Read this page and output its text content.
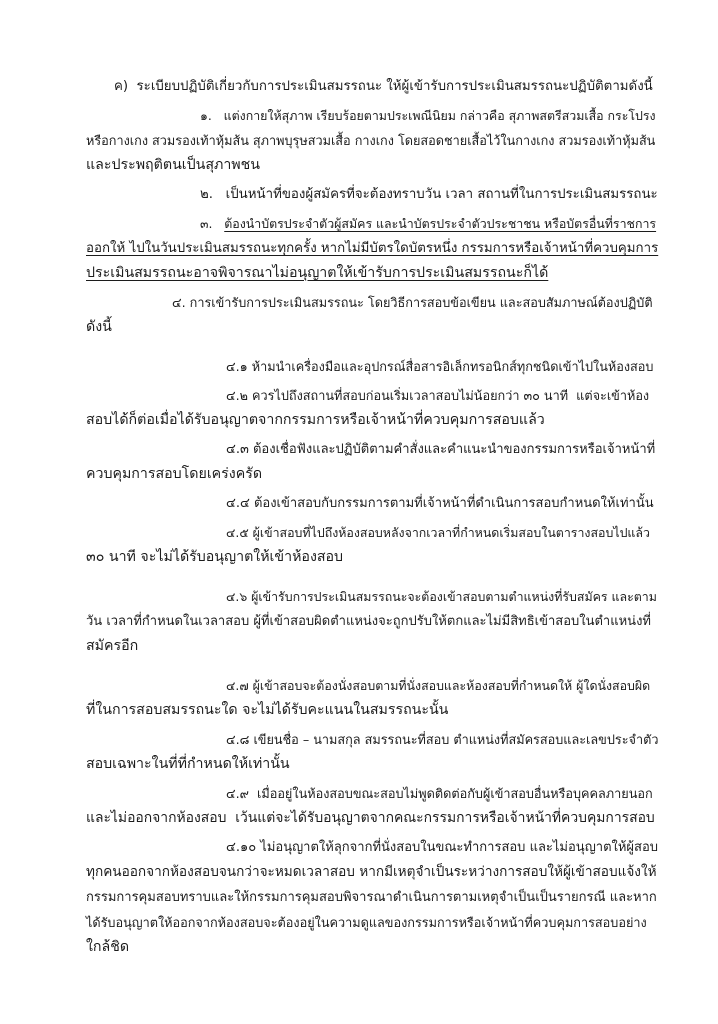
ค)  ระเบียบปฏิบัติเกี่ยวกับการประเมินสมรรถนะ ให้ผู้เข้ารับการประเมินสมรรถนะปฏิบัติตามดังนี้
๑.   แต่งกายให้สุภาพ เรียบร้อยตามประเพณีนิยม กล่าวคือ สุภาพสตรีสวมเสื้อ กระโปรง
หรือกางเกง สวมรองเท้าหุ้มส้น สุภาพบุรุษสวมเสื้อ กางเกง โดยสอดชายเสื้อไว้ในกางเกง สวมรองเท้าหุ้มส้น
และประพฤติตนเป็นสุภาพชน
๒.   เป็นหน้าที่ของผู้สมัครที่จะต้องทราบวัน เวลา สถานที่ในการประเมินสมรรถนะ
๓.   ต้องนำบัตรประจำตัวผู้สมัคร และนำบัตรประจำตัวประชาชน หรือบัตรอื่นที่ราชการ
ออกให้ ไปในวันประเมินสมรรถนะทุกครั้ง หากไม่มีบัตรใดบัตรหนึ่ง กรรมการหรือเจ้าหน้าที่ควบคุมการ
ประเมินสมรรถนะอาจพิจารณาไม่อนุญาตให้เข้ารับการประเมินสมรรถนะก็ได้
๔. การเข้ารับการประเมินสมรรถนะ โดยวิธีการสอบข้อเขียน และสอบสัมภาษณ์ต้องปฏิบัติ
ดังนี้
๔.๑ ห้ามนำเครื่องมือและอุปกรณ์สื่อสารอิเล็กทรอนิกส์ทุกชนิดเข้าไปในห้องสอบ
๔.๒ ควรไปถึงสถานที่สอบก่อนเริ่มเวลาสอบไม่น้อยกว่า ๓๐ นาที  แต่จะเข้าห้อง
สอบได้ก็ต่อเมื่อได้รับอนุญาตจากกรรมการหรือเจ้าหน้าที่ควบคุมการสอบแล้ว
๔.๓ ต้องเชื่อฟังและปฏิบัติตามคำสั่งและคำแนะนำของกรรมการหรือเจ้าหน้าที่
ควบคุมการสอบโดยเคร่งครัด
๔.๔ ต้องเข้าสอบกับกรรมการตามที่เจ้าหน้าที่ดำเนินการสอบกำหนดให้เท่านั้น
๔.๕ ผู้เข้าสอบที่ไปถึงห้องสอบหลังจากเวลาที่กำหนดเริ่มสอบในตารางสอบไปแล้ว
๓๐ นาที จะไม่ได้รับอนุญาตให้เข้าห้องสอบ
๔.๖ ผู้เข้ารับการประเมินสมรรถนะจะต้องเข้าสอบตามตำแหน่งที่รับสมัคร และตาม
วัน เวลาที่กำหนดในเวลาสอบ ผู้ที่เข้าสอบผิดตำแหน่งจะถูกปรับให้ตกและไม่มีสิทธิเข้าสอบในตำแหน่งที่
สมัครอีก
๔.๗ ผู้เข้าสอบจะต้องนั่งสอบตามที่นั่งสอบและห้องสอบที่กำหนดให้ ผู้ใดนั่งสอบผิด
ที่ในการสอบสมรรถนะใด จะไม่ได้รับคะแนนในสมรรถนะนั้น
๔.๘ เขียนชื่อ – นามสกุล สมรรถนะที่สอบ ตำแหน่งที่สมัครสอบและเลขประจำตัว
สอบเฉพาะในที่ที่กำหนดให้เท่านั้น
๔.๙  เมื่ออยู่ในห้องสอบขณะสอบไม่พูดติดต่อกับผู้เข้าสอบอื่นหรือบุคคลภายนอก
และไม่ออกจากห้องสอบ  เว้นแต่จะได้รับอนุญาตจากคณะกรรมการหรือเจ้าหน้าที่ควบคุมการสอบ
๔.๑๐ ไม่อนุญาตให้ลุกจากที่นั่งสอบในขณะทำการสอบ และไม่อนุญาตให้ผู้สอบ
ทุกคนออกจากห้องสอบจนกว่าจะหมดเวลาสอบ หากมีเหตุจำเป็นระหว่างการสอบให้ผู้เข้าสอบแจ้งให้
กรรมการคุมสอบทราบและให้กรรมการคุมสอบพิจารณาดำเนินการตามเหตุจำเป็นเป็นรายกรณี และหาก
ได้รับอนุญาตให้ออกจากห้องสอบจะต้องอยู่ในความดูแลของกรรมการหรือเจ้าหน้าที่ควบคุมการสอบอย่าง
ใกล้ชิด
